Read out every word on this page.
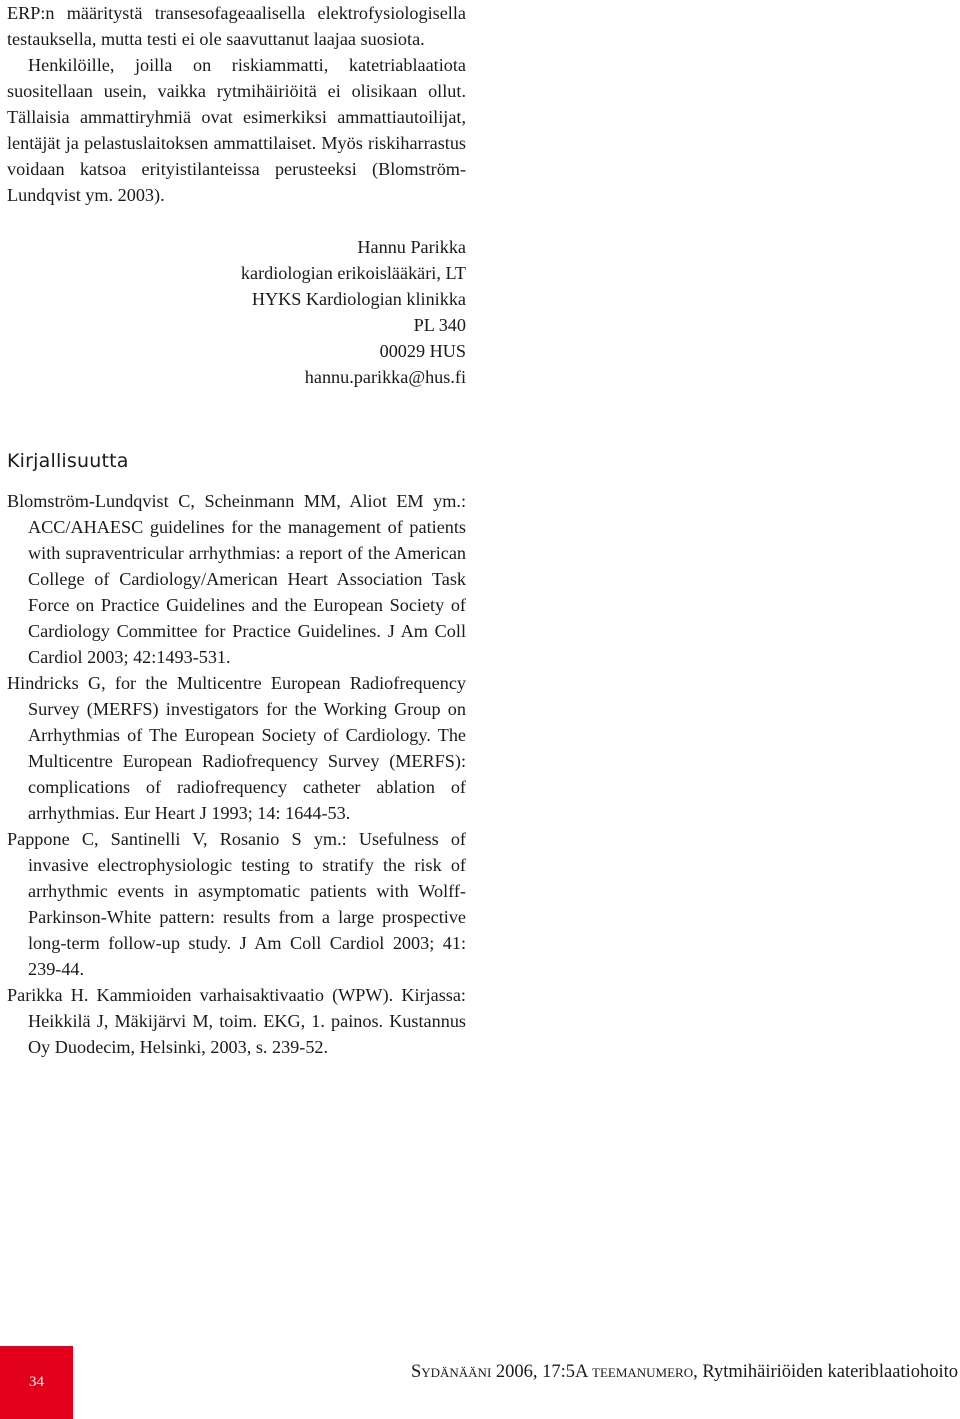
ERP:n määritystä transesofageaalisella elektrofysiologisella testauksella, mutta testi ei ole saavuttanut laajaa suosiota.

Henkilöille, joilla on riskiammatti, katetriablaatiota suositellaan usein, vaikka rytmihäiriöitä ei olisikaan ollut. Tällaisia ammattiryhmiä ovat esimerkiksi ammattiautoilijat, lentäjät ja pelastuslaitoksen ammattilaiset. Myös riskiharrastus voidaan katsoa erityistilanteissa perusteeksi (Blomström-Lundqvist ym. 2003).

Hannu Parikka
kardiologian erikoislääkäri, LT
HYKS Kardiologian klinikka
PL 340
00029 HUS
hannu.parikka@hus.fi
Kirjallisuutta

Blomström-Lundqvist C, Scheinmann MM, Aliot EM ym.: ACC/AHAESC guidelines for the management of patients with supraventricular arrhythmias: a report of the American College of Cardiology/American Heart Association Task Force on Practice Guidelines and the European Society of Cardiology Committee for Practice Guidelines. J Am Coll Cardiol 2003; 42:1493-531.

Hindricks G, for the Multicentre European Radiofrequency Survey (MERFS) investigators for the Working Group on Arrhythmias of The European Society of Cardiology. The Multicentre European Radiofrequency Survey (MERFS): complications of radiofrequency catheter ablation of arrhythmias. Eur Heart J 1993; 14: 1644-53.

Pappone C, Santinelli V, Rosanio S ym.: Usefulness of invasive electrophysiologic testing to stratify the risk of arrhythmic events in asymptomatic patients with Wolff-Parkinson-White pattern: results from a large prospective long-term follow-up study. J Am Coll Cardiol 2003; 41: 239-44.

Parikka H. Kammioiden varhaisaktivaatio (WPW). Kirjassa: Heikkilä J, Mäkijärvi M, toim. EKG, 1. painos. Kustannus Oy Duodecim, Helsinki, 2003, s. 239-52.

34	Sydänääni 2006, 17:5A teemanumero, Rytmihäiriöiden kateriblaatiohoito
